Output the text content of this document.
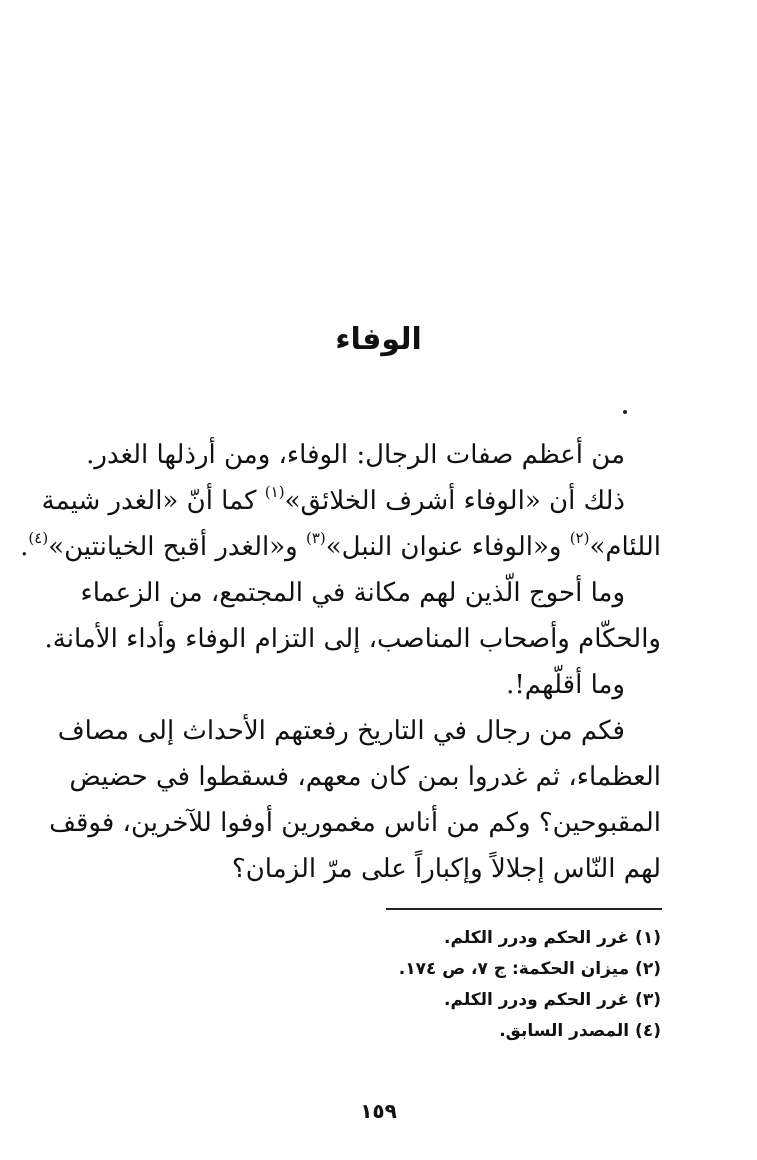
الوفاء
من أعظم صفات الرجال: الوفاء، ومن أرذلها الغدر.
ذلك أن «الوفاء أشرف الخلائق»$^{(١)}$ كما أنّ «الغدر شيمة
اللئام»$^{(٢)}$ و«الوفاء عنوان النبل»$^{(٣)}$ و«الغدر أقبح الخيانتين»$^{(٤)}$.
وما أحوج الّذين لهم مكانة في المجتمع، من الزعماء
والحكّام وأصحاب المناصب، إلى التزام الوفاء وأداء الأمانة.
وما أقلّهم!.
فكم من رجال في التاريخ رفعتهم الأحداث إلى مصاف
العظماء، ثم غدروا بمن كان معهم، فسقطوا في حضيض
المقبوحين؟ وكم من أناس مغمورين أوفوا للآخرين، فوقف
لهم النّاس إجلالاً وإكباراً على مرّ الزمان؟
(١) غرر الحكم ودرر الكلم.
(٢) ميزان الحكمة: ج ٧، ص ١٧٤.
(٣) غرر الحكم ودرر الكلم.
(٤) المصدر السابق.
١٥٩
